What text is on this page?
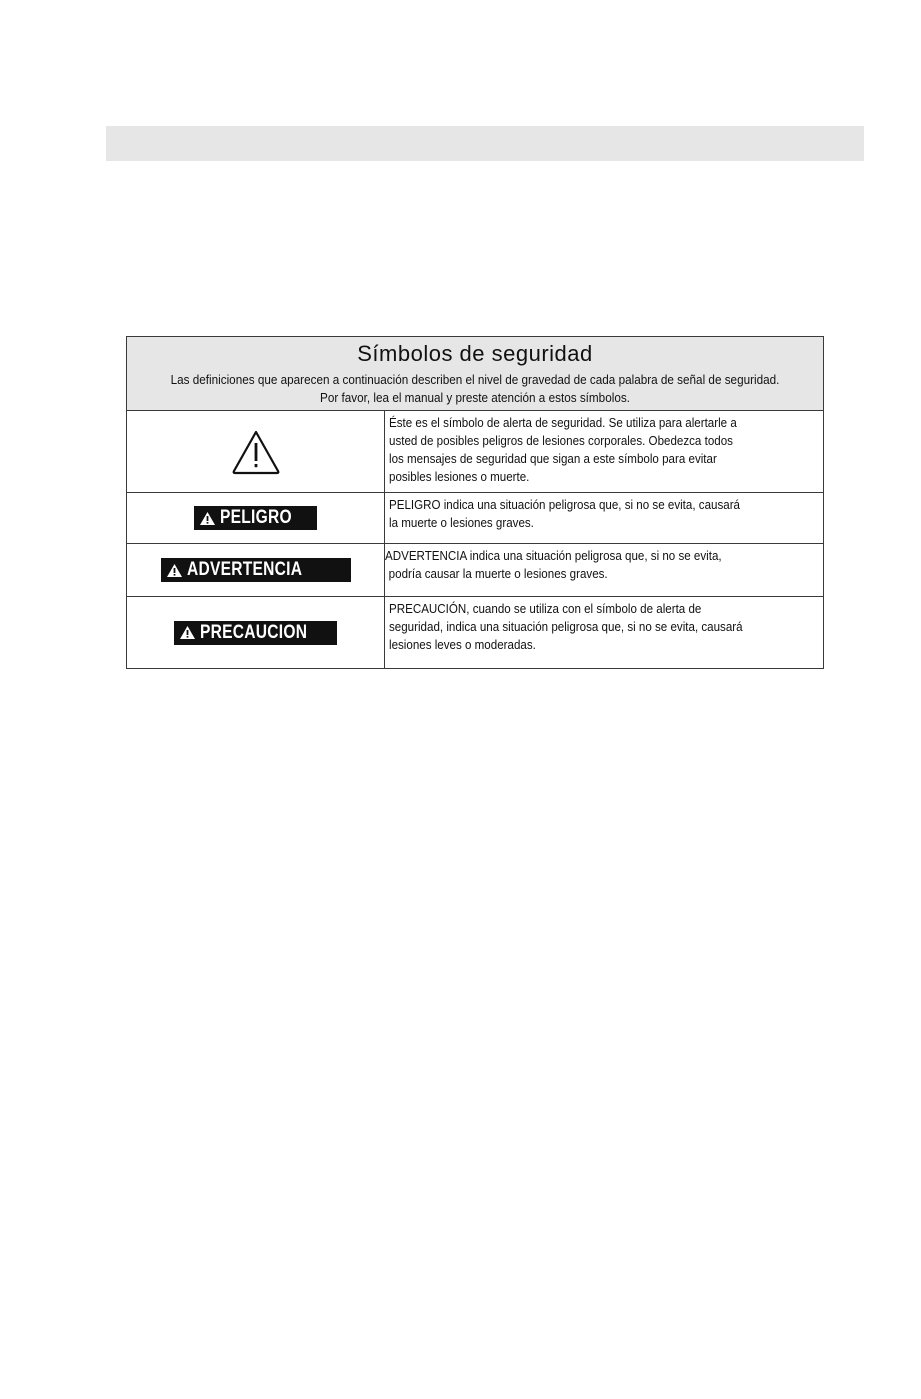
Símbolos de seguridad
Las definiciones que aparecen a continuación describen el nivel de gravedad de cada palabra de señal de seguridad.
Por favor, lea el manual y preste atención a estos símbolos.
Éste es el símbolo de alerta de seguridad. Se utiliza para alertarle a
usted de posibles peligros de lesiones corporales. Obedezca todos
los mensajes de seguridad que sigan a este símbolo para evitar
posibles lesiones o muerte.
PELIGRO
PELIGRO indica una situación peligrosa que, si no se evita, causará
la muerte o lesiones graves.
ADVERTENCIA
ADVERTENCIA indica una situación peligrosa que, si no se evita,
podría causar la muerte o lesiones graves.
PRECAUCION
PRECAUCIÓN, cuando se utiliza con el símbolo de alerta de
seguridad, indica una situación peligrosa que, si no se evita, causará
lesiones leves o moderadas.
